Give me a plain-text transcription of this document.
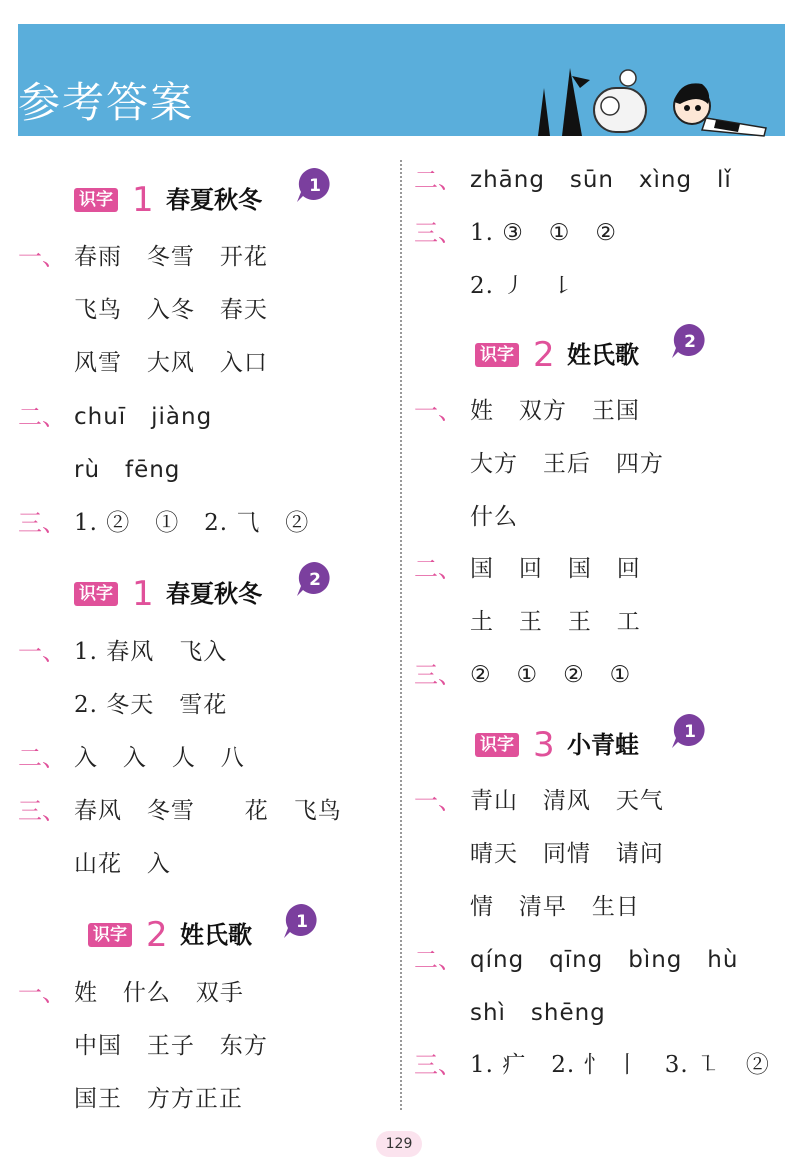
参考答案
识字 1 春夏秋冬	1
一、 春雨   冬雪   开花
飞鸟   入冬   春天
风雪   大风   入口
二、 chuī   jiàng
rù   fēng
三、 1. ②   ①   2. ⺄   ②
识字 1 春夏秋冬	2
一、 1. 春风   飞入
2. 冬天   雪花
二、 入   入   人   八
三、 春风   冬雪      花   飞鸟
山花   入
识字 2 姓氏歌	1
一、 姓   什么   双手
中国   王子   东方
国王   方方正正
二、 zhāng   sūn   xìng   lǐ
三、 1. ③   ①   ②
2. ㇓   ㇙
识字 2 姓氏歌	2
一、 姓   双方   王国
大方   王后   四方
什么
二、 国   回   国   回
土   王   王   工
三、 ②   ①   ②   ①
识字 3 小青蛙	1
一、 青山   清风   天气
晴天   同情   请问
情   清早   生日
二、 qíng   qīng   bìng   hù
shì   shēng
三、 1. 疒   2. 忄 丨   3. ㇅   ②
129
